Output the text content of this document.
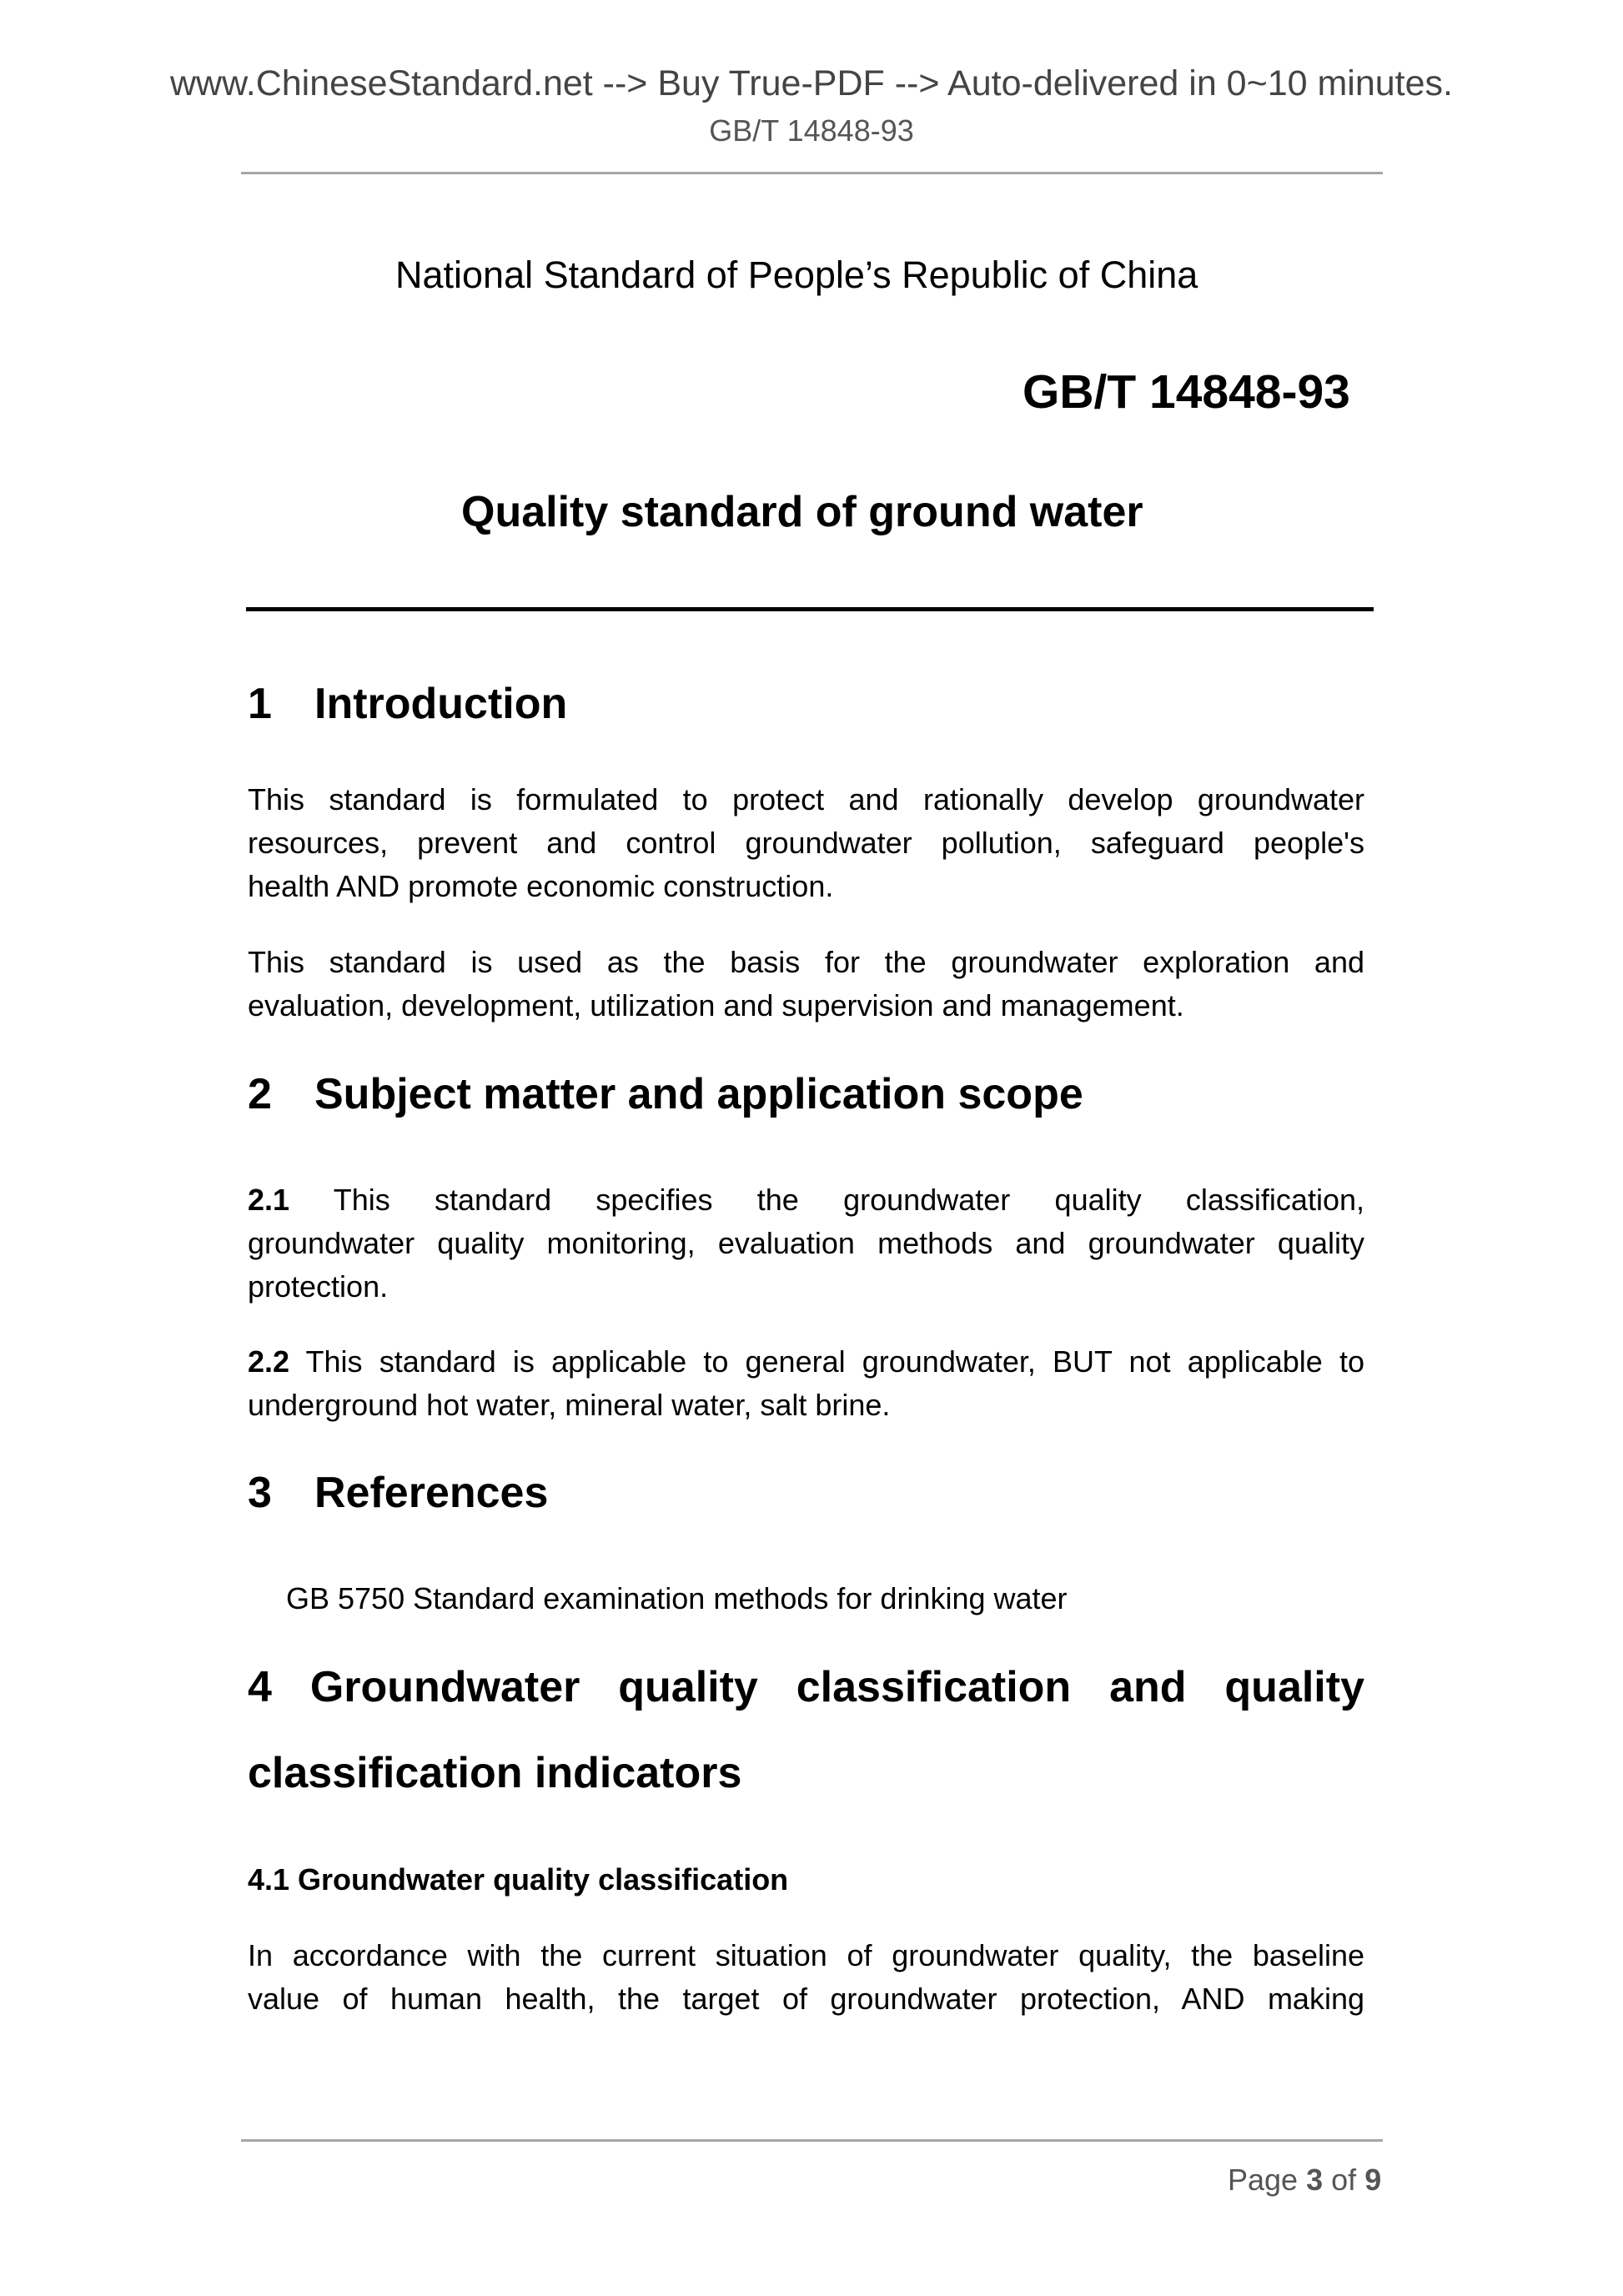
www.ChineseStandard.net --> Buy True-PDF --> Auto-delivered in 0~10 minutes.
GB/T 14848-93
National Standard of People’s Republic of China
GB/T 14848-93
Quality standard of ground water
1 Introduction
This standard is formulated to protect and rationally develop groundwater
resources, prevent and control groundwater pollution, safeguard people's
health AND promote economic construction.
This standard is used as the basis for the groundwater exploration and
evaluation, development, utilization and supervision and management.
2 Subject matter and application scope
2.1 This standard specifies the groundwater quality classification,
groundwater quality monitoring, evaluation methods and groundwater quality
protection.
2.2 This standard is applicable to general groundwater, BUT not applicable to
underground hot water, mineral water, salt brine.
3 References
GB 5750 Standard examination methods for drinking water
4 Groundwater quality classification and quality
classification indicators
4.1 Groundwater quality classification
In accordance with the current situation of groundwater quality, the baseline
value of human health, the target of groundwater protection, AND making
Page 3 of 9
